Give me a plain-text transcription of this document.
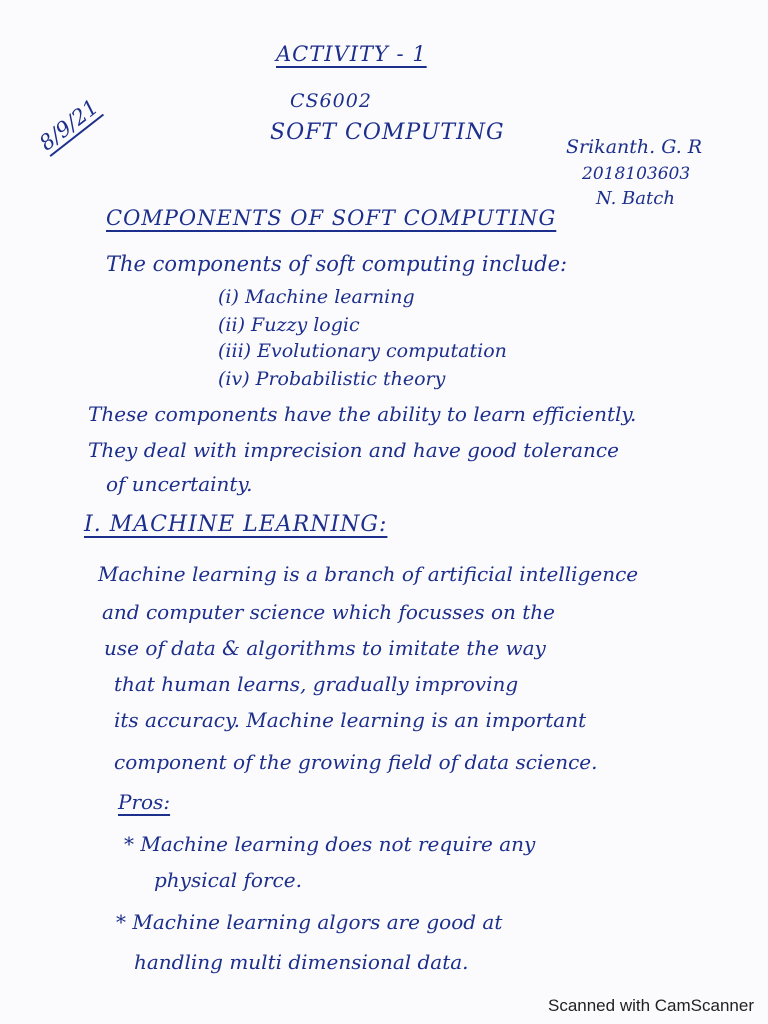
ACTIVITY - 1
CS6002
SOFT COMPUTING
8/9/21	Srikanth. G. R
2018103603
N. Batch
COMPONENTS OF SOFT COMPUTING
The components of soft computing include:
(i) Machine learning
(ii) Fuzzy logic
(iii) Evolutionary computation
(iv) Probabilistic theory
These components have the ability to learn efficiently.
They deal with imprecision and have good tolerance
of uncertainty.
I. MACHINE LEARNING:
Machine learning is a branch of artificial intelligence
and computer science which focusses on the
use of data & algorithms to imitate the way
that human learns, gradually improving
its accuracy. Machine learning is an important
component of the growing field of data science.
Pros:
* Machine learning does not require any
physical force.
* Machine learning algors are good at
handling multi dimensional data.
Scanned with CamScanner
